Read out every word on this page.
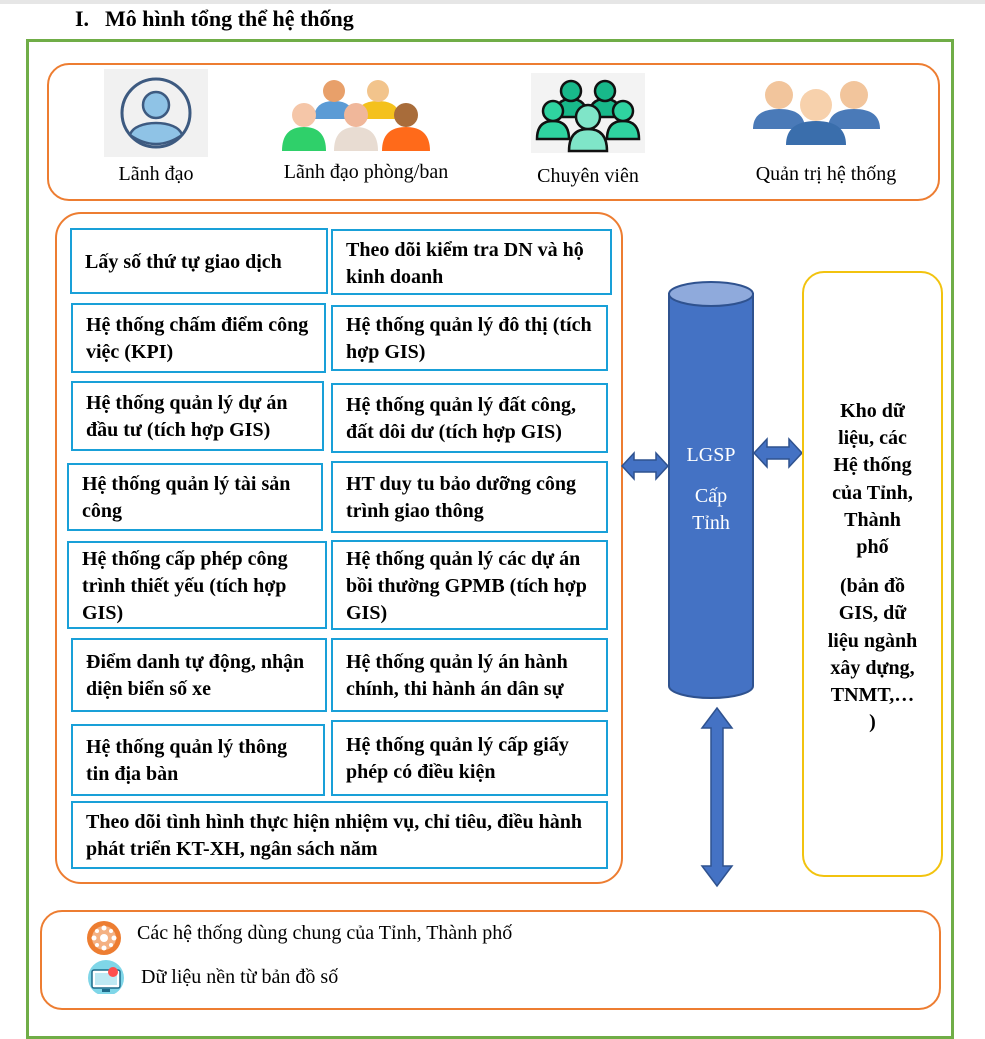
I. Mô hình tổng thể hệ thống
Lãnh đạo	Lãnh đạo phòng/ban	Chuyên viên	Quản trị hệ thống
Lấy số thứ tự giao dịch
Theo dõi kiểm tra DN và hộ kinh doanh
Hệ thống chấm điểm công việc (KPI)
Hệ thống quản lý đô thị (tích hợp GIS)
Hệ thống quản lý dự án đầu tư (tích hợp GIS)
Hệ thống quản lý đất công, đất dôi dư (tích hợp GIS)
Hệ thống quản lý tài sản công
HT duy tu bảo dưỡng công trình giao thông
Hệ thống cấp phép công trình thiết yếu (tích hợp GIS)
Hệ thống quản lý các dự án bồi thường GPMB (tích hợp GIS)
Điểm danh tự động, nhận diện biển số xe
Hệ thống quản lý án hành chính, thi hành án dân sự
Hệ thống quản lý thông tin địa bàn
Hệ thống quản lý cấp giấy phép có điều kiện
Theo dõi tình hình thực hiện nhiệm vụ, chỉ tiêu, điều hành phát triển KT-XH, ngân sách năm
LGSP
Cấp
Tỉnh
Kho dữ
liệu, các
Hệ thống
của Tỉnh,
Thành
phố
(bản đồ
GIS, dữ
liệu ngành
xây dựng,
TNMT,…
)
Các hệ thống dùng chung của Tỉnh, Thành phố
Dữ liệu nền từ bản đồ số
